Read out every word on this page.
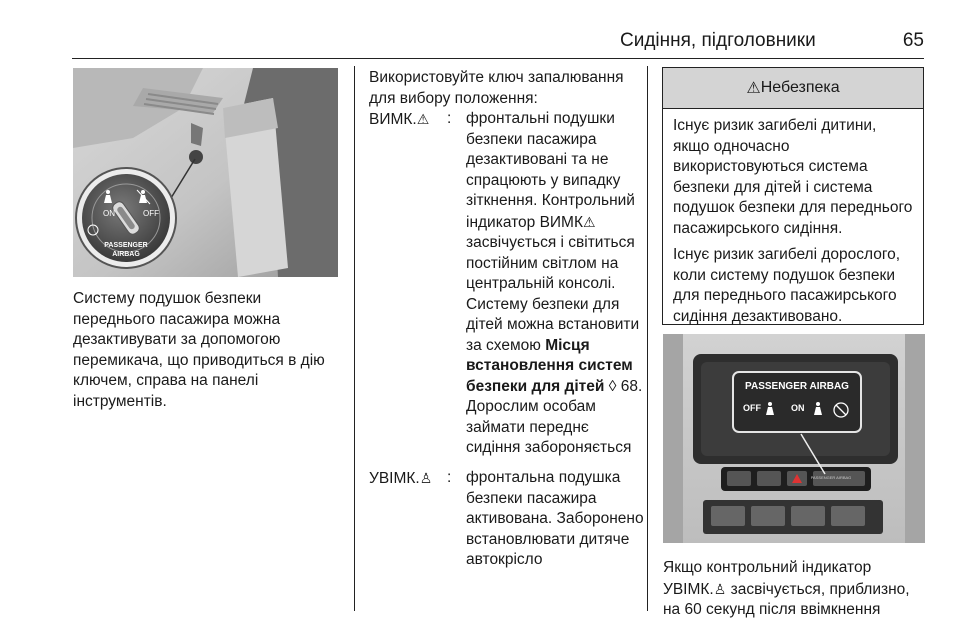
Сидіння, підголовники	65
ON	OFF
PASSENGER
AIRBAG
Систему подушок безпеки переднього пасажира можна дезактивувати за допомогою перемикача, що приводиться в дію ключем, справа на панелі інструментів.
Використовуйте ключ запалювання для вибору положення:
ВИМК.⚠ : фронтальні подушки безпеки пасажира дезактивовані та не спрацюють у випадку зіткнення. Контрольний індикатор ВИМК⚠ засвічується і світиться постійним світлом на центральній консолі. Систему безпеки для дітей можна встановити за схемою Місця встановлення систем безпеки для дітей ◊ 68. Дорослим особам займати переднє сидіння забороняється
УВІМК.♙ : фронтальна подушка безпеки пасажира активована. Заборонено встановлювати дитяче автокрісло
⚠ Небезпека

Існує ризик загибелі дитини, якщо одночасно використовуються система безпеки для дітей і система подушок безпеки для переднього пасажирського сидіння.

Існує ризик загибелі дорослого, коли систему подушок безпеки для переднього пасажирського сидіння дезактивовано.

PASSENGER AIRBAG
OFF	ON
PASSENGER AIRBAG
Якщо контрольний індикатор УВІМК.♙ засвічується, приблизно, на 60 секунд після ввімкнення
